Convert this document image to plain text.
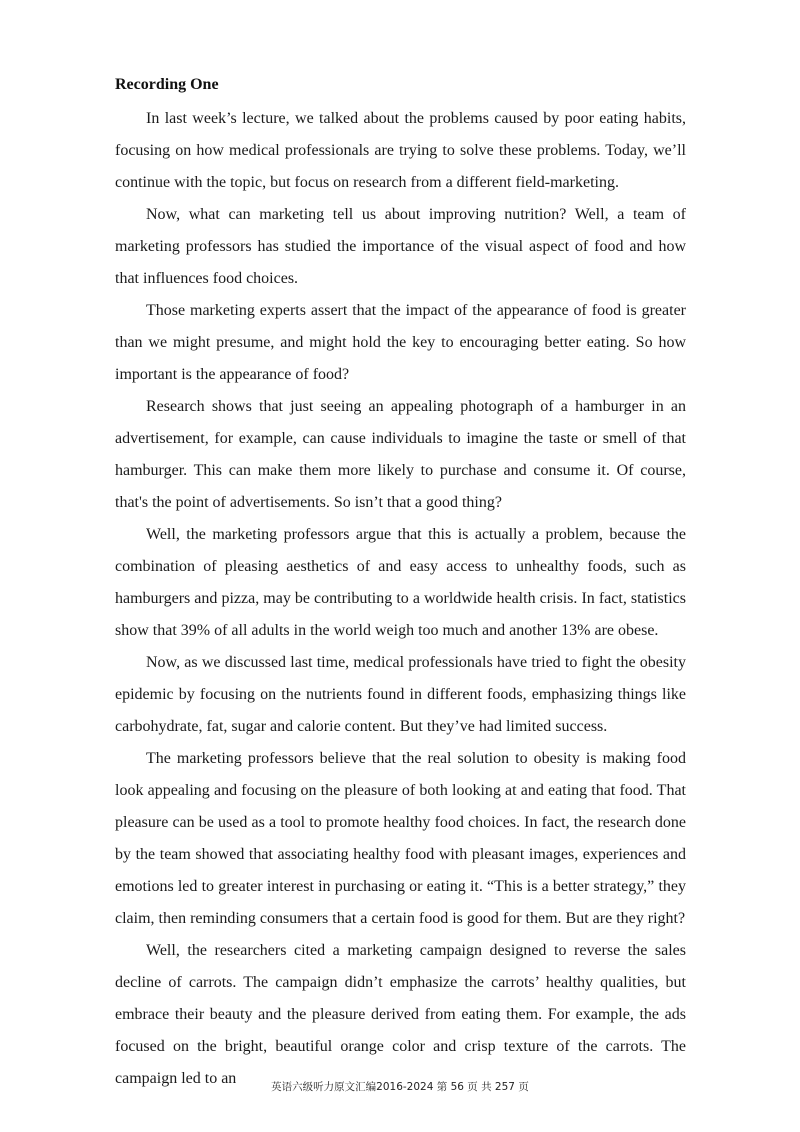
Recording One

In last week’s lecture, we talked about the problems caused by poor eating habits, focusing on how medical professionals are trying to solve these problems. Today, we’ll continue with the topic, but focus on research from a different field-marketing.

Now, what can marketing tell us about improving nutrition? Well, a team of marketing professors has studied the importance of the visual aspect of food and how that influences food choices.

Those marketing experts assert that the impact of the appearance of food is greater than we might presume, and might hold the key to encouraging better eating. So how important is the appearance of food?

Research shows that just seeing an appealing photograph of a hamburger in an advertisement, for example, can cause individuals to imagine the taste or smell of that hamburger. This can make them more likely to purchase and consume it. Of course, that's the point of advertisements. So isn’t that a good thing?

Well, the marketing professors argue that this is actually a problem, because the combination of pleasing aesthetics of and easy access to unhealthy foods, such as hamburgers and pizza, may be contributing to a worldwide health crisis. In fact, statistics show that 39% of all adults in the world weigh too much and another 13% are obese.

Now, as we discussed last time, medical professionals have tried to fight the obesity epidemic by focusing on the nutrients found in different foods, emphasizing things like carbohydrate, fat, sugar and calorie content. But they’ve had limited success.

The marketing professors believe that the real solution to obesity is making food look appealing and focusing on the pleasure of both looking at and eating that food. That pleasure can be used as a tool to promote healthy food choices. In fact, the research done by the team showed that associating healthy food with pleasant images, experiences and emotions led to greater interest in purchasing or eating it. “This is a better strategy,” they claim, then reminding consumers that a certain food is good for them. But are they right?

Well, the researchers cited a marketing campaign designed to reverse the sales decline of carrots. The campaign didn’t emphasize the carrots’ healthy qualities, but embrace their beauty and the pleasure derived from eating them. For example, the ads focused on the bright, beautiful orange color and crisp texture of the carrots. The campaign led to an	英语六级听力原文汇编2016-2024 第 56 页 共 257 页
